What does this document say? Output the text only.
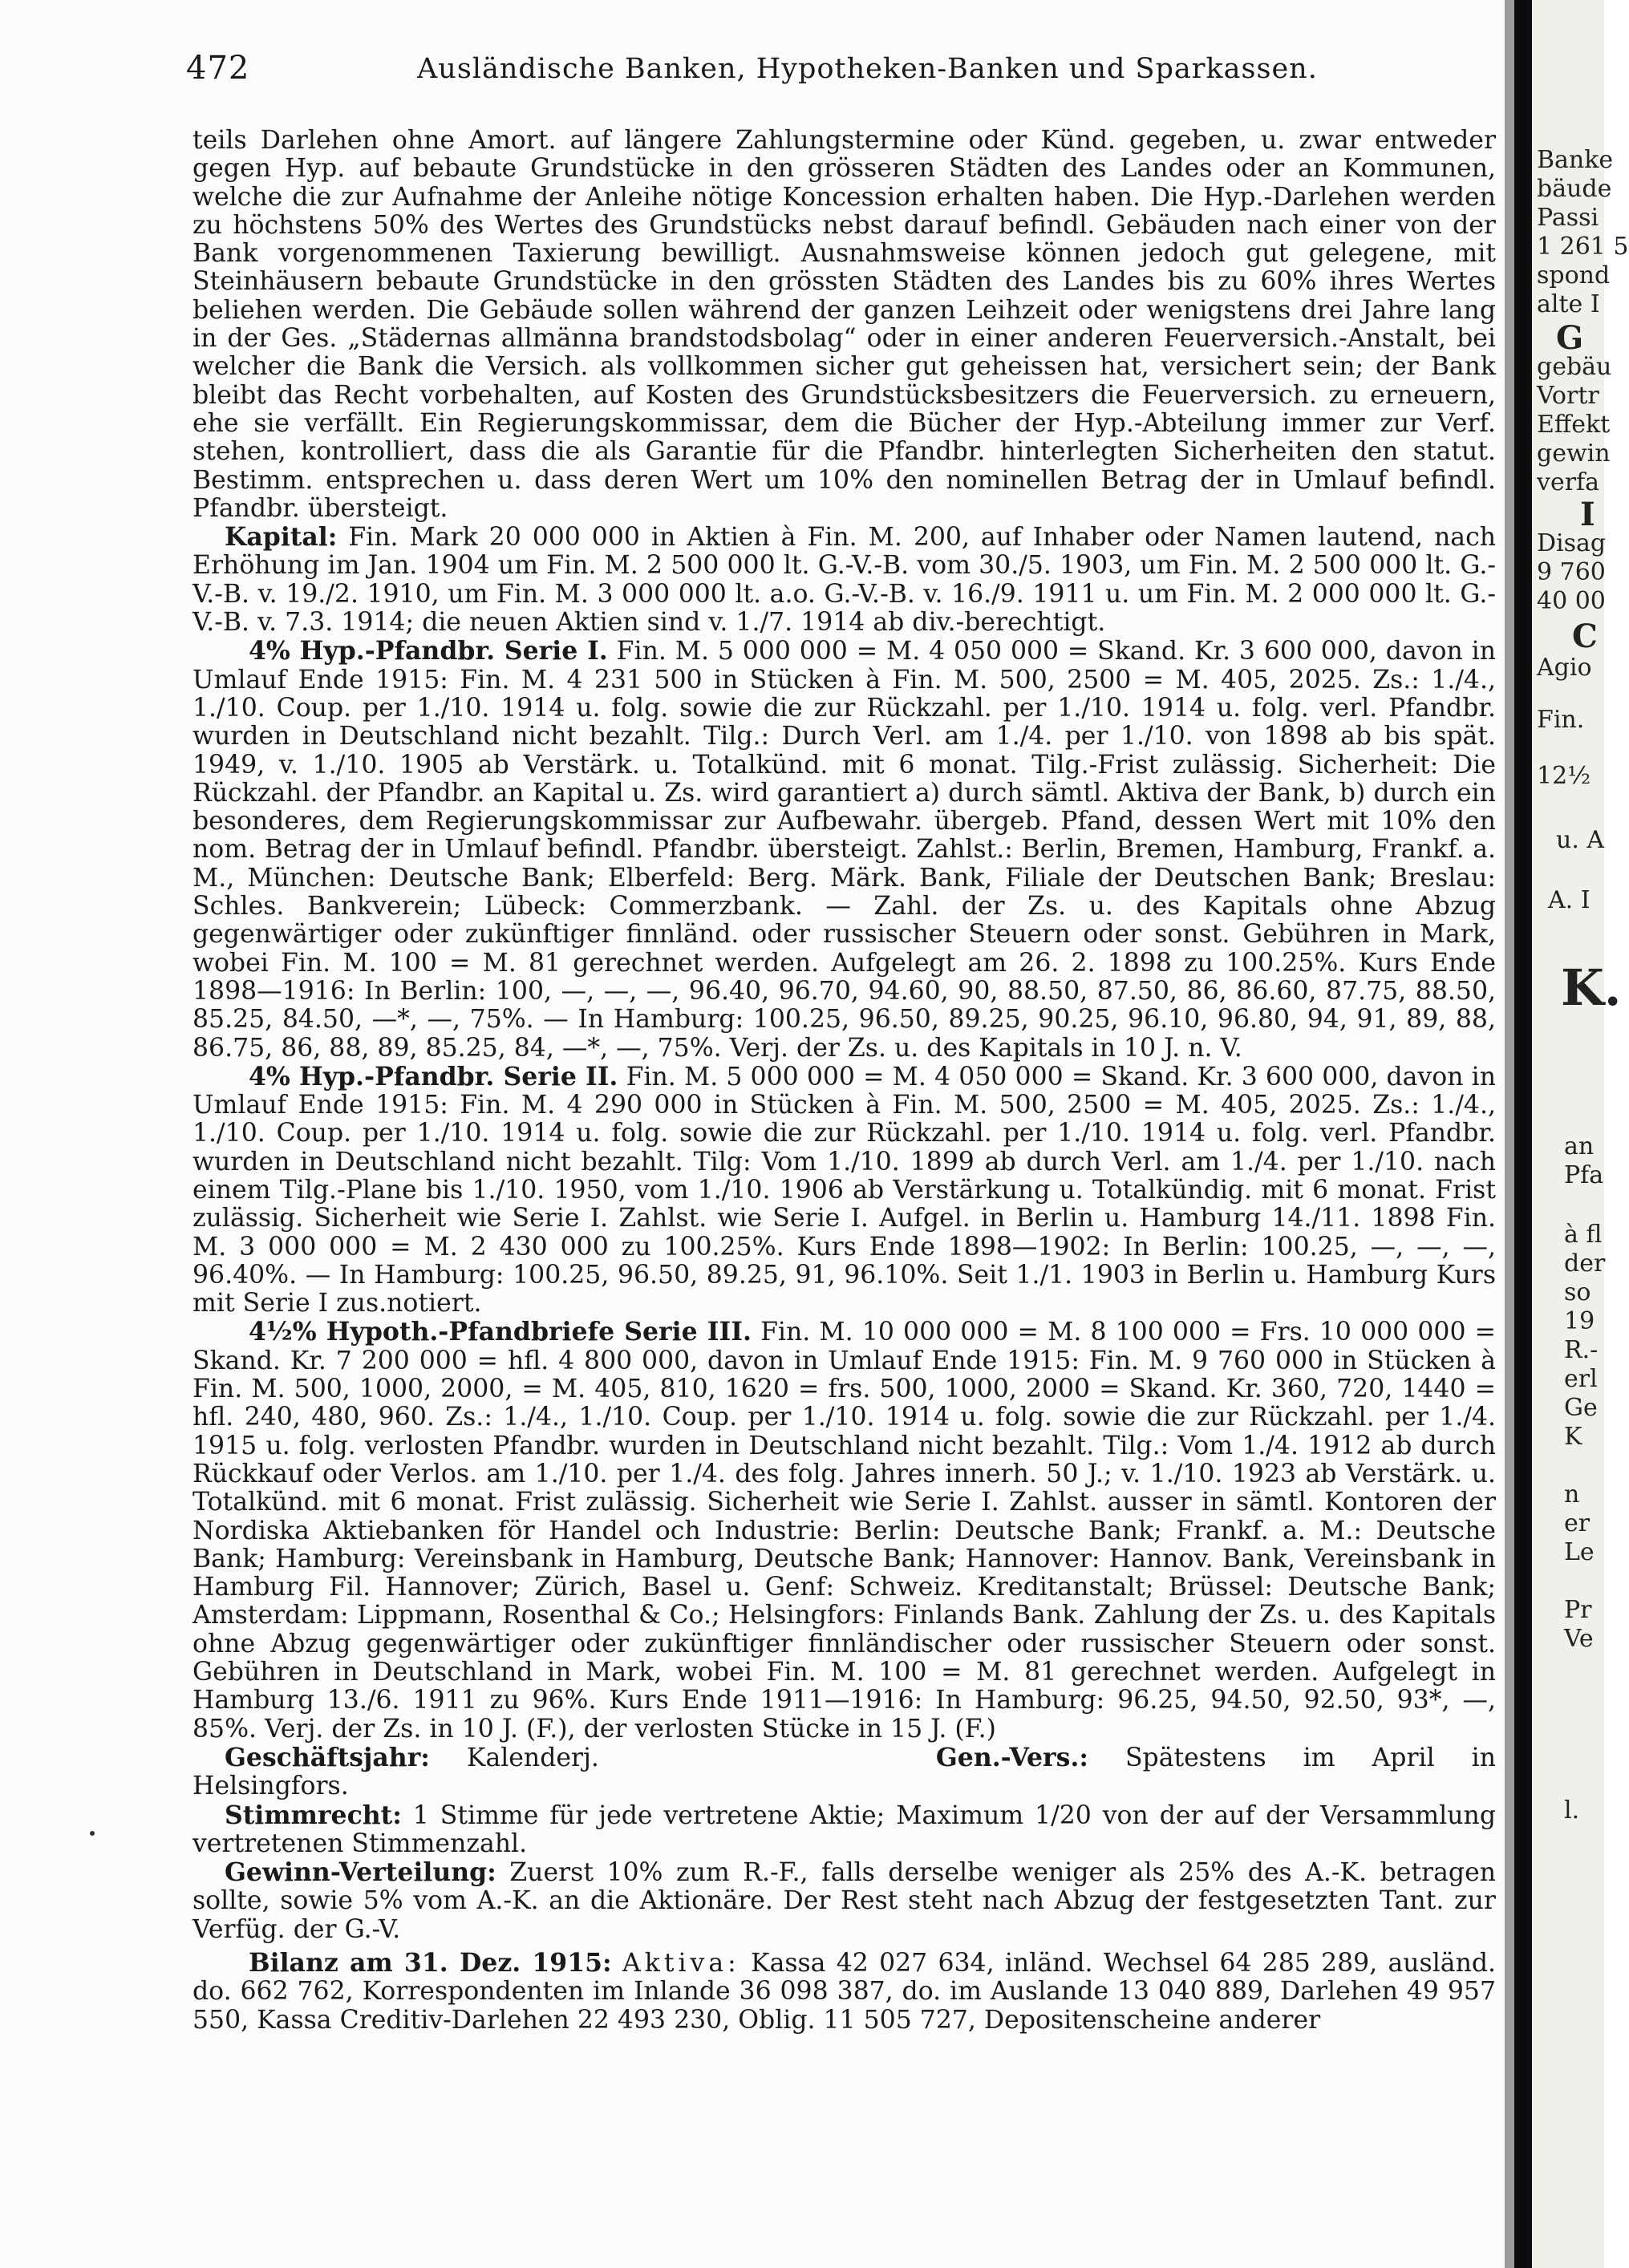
472	Ausländische Banken, Hypotheken-Banken und Sparkassen.

teils Darlehen ohne Amort. auf längere Zahlungstermine oder Künd. gegeben, u. zwar entweder gegen Hyp. auf bebaute Grundstücke in den grösseren Städten des Landes oder an Kommunen, welche die zur Aufnahme der Anleihe nötige Koncession erhalten haben. Die Hyp.-Darlehen werden zu höchstens 50% des Wertes des Grundstücks nebst darauf befindl. Gebäuden nach einer von der Bank vorgenommenen Taxierung bewilligt. Ausnahmsweise können jedoch gut gelegene, mit Steinhäusern bebaute Grundstücke in den grössten Städten des Landes bis zu 60% ihres Wertes beliehen werden. Die Gebäude sollen während der ganzen Leihzeit oder wenigstens drei Jahre lang in der Ges. „Städernas allmänna brandstodsbolag“ oder in einer anderen Feuerversich.-Anstalt, bei welcher die Bank die Versich. als vollkommen sicher gut geheissen hat, versichert sein; der Bank bleibt das Recht vorbehalten, auf Kosten des Grundstücksbesitzers die Feuerversich. zu erneuern, ehe sie verfällt. Ein Regierungskommissar, dem die Bücher der Hyp.-Abteilung immer zur Verf. stehen, kontrolliert, dass die als Garantie für die Pfandbr. hinterlegten Sicherheiten den statut. Bestimm. entsprechen u. dass deren Wert um 10% den nominellen Betrag der in Umlauf befindl. Pfandbr. übersteigt.

Kapital: Fin. Mark 20 000 000 in Aktien à Fin. M. 200, auf Inhaber oder Namen lautend, nach Erhöhung im Jan. 1904 um Fin. M. 2 500 000 lt. G.-V.-B. vom 30./5. 1903, um Fin. M. 2 500 000 lt. G.-V.-B. v. 19./2. 1910, um Fin. M. 3 000 000 lt. a.o. G.-V.-B. v. 16./9. 1911 u. um Fin. M. 2 000 000 lt. G.-V.-B. v. 7.3. 1914; die neuen Aktien sind v. 1./7. 1914 ab div.-berechtigt.

4% Hyp.-Pfandbr. Serie I. Fin. M. 5 000 000 = M. 4 050 000 = Skand. Kr. 3 600 000, davon in Umlauf Ende 1915: Fin. M. 4 231 500 in Stücken à Fin. M. 500, 2500 = M. 405, 2025. Zs.: 1./4., 1./10. Coup. per 1./10. 1914 u. folg. sowie die zur Rückzahl. per 1./10. 1914 u. folg. verl. Pfandbr. wurden in Deutschland nicht bezahlt. Tilg.: Durch Verl. am 1./4. per 1./10. von 1898 ab bis spät. 1949, v. 1./10. 1905 ab Verstärk. u. Totalkünd. mit 6 monat. Tilg.-Frist zulässig. Sicherheit: Die Rückzahl. der Pfandbr. an Kapital u. Zs. wird garantiert a) durch sämtl. Aktiva der Bank, b) durch ein besonderes, dem Regierungskommissar zur Aufbewahr. übergeb. Pfand, dessen Wert mit 10% den nom. Betrag der in Umlauf befindl. Pfandbr. übersteigt. Zahlst.: Berlin, Bremen, Hamburg, Frankf. a. M., München: Deutsche Bank; Elberfeld: Berg. Märk. Bank, Filiale der Deutschen Bank; Breslau: Schles. Bankverein; Lübeck: Commerzbank. — Zahl. der Zs. u. des Kapitals ohne Abzug gegenwärtiger oder zukünftiger finnländ. oder russischer Steuern oder sonst. Gebühren in Mark, wobei Fin. M. 100 = M. 81 gerechnet werden. Aufgelegt am 26. 2. 1898 zu 100.25%. Kurs Ende 1898—1916: In Berlin: 100, —, —, —, 96.40, 96.70, 94.60, 90, 88.50, 87.50, 86, 86.60, 87.75, 88.50, 85.25, 84.50, —*, —, 75%. — In Hamburg: 100.25, 96.50, 89.25, 90.25, 96.10, 96.80, 94, 91, 89, 88, 86.75, 86, 88, 89, 85.25, 84, —*, —, 75%. Verj. der Zs. u. des Kapitals in 10 J. n. V.

4% Hyp.-Pfandbr. Serie II. Fin. M. 5 000 000 = M. 4 050 000 = Skand. Kr. 3 600 000, davon in Umlauf Ende 1915: Fin. M. 4 290 000 in Stücken à Fin. M. 500, 2500 = M. 405, 2025. Zs.: 1./4., 1./10. Coup. per 1./10. 1914 u. folg. sowie die zur Rückzahl. per 1./10. 1914 u. folg. verl. Pfandbr. wurden in Deutschland nicht bezahlt. Tilg: Vom 1./10. 1899 ab durch Verl. am 1./4. per 1./10. nach einem Tilg.-Plane bis 1./10. 1950, vom 1./10. 1906 ab Verstärkung u. Totalkündig. mit 6 monat. Frist zulässig. Sicherheit wie Serie I. Zahlst. wie Serie I. Aufgel. in Berlin u. Hamburg 14./11. 1898 Fin. M. 3 000 000 = M. 2 430 000 zu 100.25%. Kurs Ende 1898—1902: In Berlin: 100.25, —, —, —, 96.40%. — In Hamburg: 100.25, 96.50, 89.25, 91, 96.10%. Seit 1./1. 1903 in Berlin u. Hamburg Kurs mit Serie I zus.notiert.

4½% Hypoth.-Pfandbriefe Serie III. Fin. M. 10 000 000 = M. 8 100 000 = Frs. 10 000 000 = Skand. Kr. 7 200 000 = hfl. 4 800 000, davon in Umlauf Ende 1915: Fin. M. 9 760 000 in Stücken à Fin. M. 500, 1000, 2000, = M. 405, 810, 1620 = frs. 500, 1000, 2000 = Skand. Kr. 360, 720, 1440 = hfl. 240, 480, 960. Zs.: 1./4., 1./10. Coup. per 1./10. 1914 u. folg. sowie die zur Rückzahl. per 1./4. 1915 u. folg. verlosten Pfandbr. wurden in Deutschland nicht bezahlt. Tilg.: Vom 1./4. 1912 ab durch Rückkauf oder Verlos. am 1./10. per 1./4. des folg. Jahres innerh. 50 J.; v. 1./10. 1923 ab Verstärk. u. Totalkünd. mit 6 monat. Frist zulässig. Sicherheit wie Serie I. Zahlst. ausser in sämtl. Kontoren der Nordiska Aktiebanken för Handel och Industrie: Berlin: Deutsche Bank; Frankf. a. M.: Deutsche Bank; Hamburg: Vereinsbank in Hamburg, Deutsche Bank; Hannover: Hannov. Bank, Vereinsbank in Hamburg Fil. Hannover; Zürich, Basel u. Genf: Schweiz. Kreditanstalt; Brüssel: Deutsche Bank; Amsterdam: Lippmann, Rosenthal & Co.; Helsingfors: Finlands Bank. Zahlung der Zs. u. des Kapitals ohne Abzug gegenwärtiger oder zukünftiger finnländischer oder russischer Steuern oder sonst. Gebühren in Deutschland in Mark, wobei Fin. M. 100 = M. 81 gerechnet werden. Aufgelegt in Hamburg 13./6. 1911 zu 96%. Kurs Ende 1911—1916: In Hamburg: 96.25, 94.50, 92.50, 93*, —, 85%. Verj. der Zs. in 10 J. (F.), der verlosten Stücke in 15 J. (F.)

Geschäftsjahr: Kalenderj.	Gen.-Vers.: Spätestens im April in Helsingfors.

Stimmrecht: 1 Stimme für jede vertretene Aktie; Maximum 1/20 von der auf der Versammlung vertretenen Stimmenzahl.

Gewinn-Verteilung: Zuerst 10% zum R.-F., falls derselbe weniger als 25% des A.-K. betragen sollte, sowie 5% vom A.-K. an die Aktionäre. Der Rest steht nach Abzug der festgesetzten Tant. zur Verfüg. der G.-V.

Bilanz am 31. Dez. 1915: Aktiva: Kassa 42 027 634, inländ. Wechsel 64 285 289, ausländ. do. 662 762, Korrespondenten im Inlande 36 098 387, do. im Auslande 13 040 889, Darlehen 49 957 550, Kassa Creditiv-Darlehen 22 493 230, Oblig. 11 505 727, Depositenscheine anderer

Banke
bäude
Passi
1 261 5
spond
alte I
G
gebäu
Vortr
Effekt
gewin
verfa
I
Disag
9 760
40 00
C
Agio
Fin.
12½
u. A
A. I
K.
an
Pfa
à fl
der
so
19
R.-
erl
Ge
K
n
er
Le
Pr
Ve
l.
